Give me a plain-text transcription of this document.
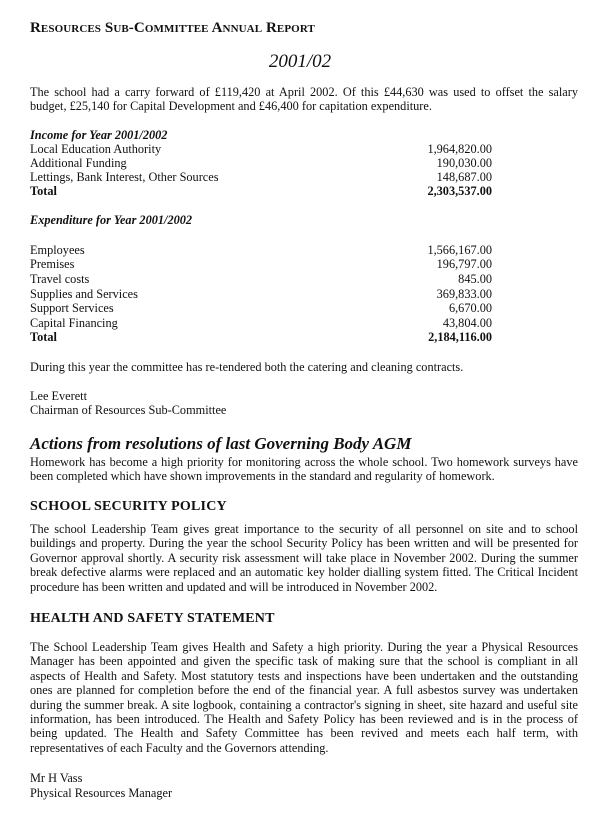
Resources Sub-Committee Annual Report
2001/02
The school had a carry forward of £119,420 at April 2002. Of this £44,630 was used to offset the salary budget, £25,140 for Capital Development and £46,400 for capitation expenditure.
Income for Year 2001/2002
Local Education Authority	1,964,820.00
Additional Funding	190,030.00
Lettings, Bank Interest, Other Sources	148,687.00
Total	2,303,537.00
Expenditure for Year 2001/2002
Employees	1,566,167.00
Premises	196,797.00
Travel costs	845.00
Supplies and Services	369,833.00
Support Services	6,670.00
Capital Financing	43,804.00
Total	2,184,116.00
During this year the committee has re-tendered both the catering and cleaning contracts.
Lee Everett
Chairman of Resources Sub-Committee
Actions from resolutions of last Governing Body AGM
Homework has become a high priority for monitoring across the whole school. Two homework surveys have been completed which have shown improvements in the standard and regularity of homework.
SCHOOL SECURITY POLICY
The school Leadership Team gives great importance to the security of all personnel on site and to school buildings and property. During the year the school Security Policy has been written and will be presented for Governor approval shortly. A security risk assessment will take place in November 2002. During the summer break defective alarms were replaced and an automatic key holder dialling system fitted. The Critical Incident procedure has been written and updated and will be introduced in November 2002.
HEALTH AND SAFETY STATEMENT
The School Leadership Team gives Health and Safety a high priority. During the year a Physical Resources Manager has been appointed and given the specific task of making sure that the school is compliant in all aspects of Health and Safety. Most statutory tests and inspections have been undertaken and the outstanding ones are planned for completion before the end of the financial year. A full asbestos survey was undertaken during the summer break. A site logbook, containing a contractor's signing in sheet, site hazard and useful site information, has been introduced. The Health and Safety Policy has been reviewed and is in the process of being updated. The Health and Safety Committee has been revived and meets each half term, with representatives of each Faculty and the Governors attending.
Mr H Vass
Physical Resources Manager
